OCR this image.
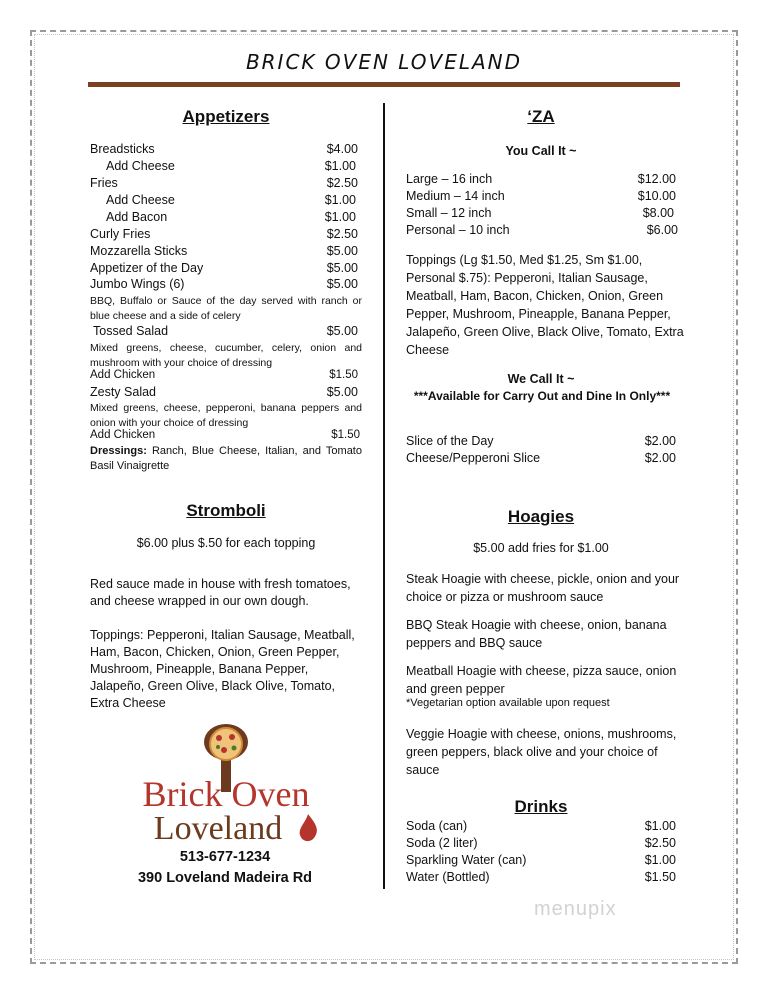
BRICK OVEN LOVELAND
Appetizers
Breadsticks	$4.00
Add Cheese	$1.00
Fries	$2.50
Add Cheese	$1.00
Add Bacon	$1.00
Curly Fries	$2.50
Mozzarella Sticks	$5.00
Appetizer of the Day	$5.00
Jumbo Wings (6)	$5.00
BBQ, Buffalo or Sauce of the day served with ranch or blue cheese and a side of celery
Tossed Salad	$5.00
Mixed greens, cheese, cucumber, celery, onion and mushroom with your choice of dressing
Add Chicken	$1.50
Zesty Salad	$5.00
Mixed greens, cheese, pepperoni, banana peppers and onion with your choice of dressing
Add Chicken	$1.50
Dressings: Ranch, Blue Cheese, Italian, and Tomato Basil Vinaigrette
Stromboli
$6.00 plus $.50 for each topping
Red sauce made in house with fresh tomatoes, and cheese wrapped in our own dough.
Toppings: Pepperoni, Italian Sausage, Meatball, Ham, Bacon, Chicken, Onion, Green Pepper, Mushroom, Pineapple, Banana Pepper, Jalapeño, Green Olive, Black Olive, Tomato, Extra Cheese
Brick Oven
Loveland
513-677-1234
390 Loveland Madeira Rd
‘ZA
You Call It ~
Large – 16 inch	$12.00
Medium – 14 inch	$10.00
Small – 12 inch	$8.00
Personal – 10 inch	$6.00
Toppings (Lg $1.50, Med $1.25, Sm $1.00, Personal $.75): Pepperoni, Italian Sausage, Meatball, Ham, Bacon, Chicken, Onion, Green Pepper, Mushroom, Pineapple, Banana Pepper, Jalapeño, Green Olive, Black Olive, Tomato, Extra Cheese
We Call It ~
***Available for Carry Out and Dine In Only***
Slice of the Day	$2.00
Cheese/Pepperoni Slice	$2.00
Hoagies
$5.00 add fries for $1.00
Steak Hoagie with cheese, pickle, onion and your choice or pizza or mushroom sauce
BBQ Steak Hoagie with cheese, onion, banana peppers and BBQ sauce
Meatball Hoagie with cheese, pizza sauce, onion and green pepper
*Vegetarian option available upon request
Veggie Hoagie with cheese, onions, mushrooms, green peppers, black olive and your choice of sauce
Drinks
Soda (can)	$1.00
Soda (2 liter)	$2.50
Sparkling Water (can)	$1.00
Water (Bottled)	$1.50
menupix
